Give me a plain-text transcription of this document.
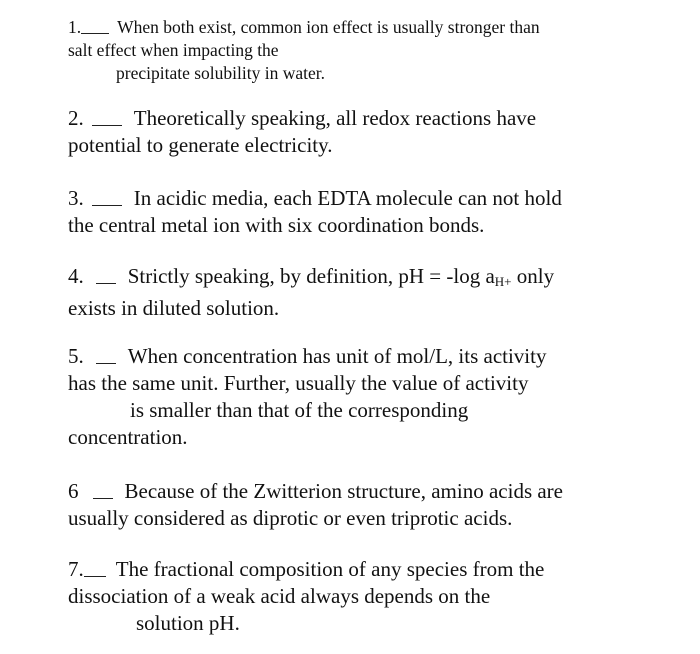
1. When both exist, common ion effect is usually stronger than
salt effect when impacting the
precipitate solubility in water.
2. Theoretically speaking, all redox reactions have
potential to generate electricity.
3. In acidic media, each EDTA molecule can not hold
the central metal ion with six coordination bonds.
4. Strictly speaking, by definition, pH = -log $a_{H+}$ only
exists in diluted solution.
5. When concentration has unit of mol/L, its activity
has the same unit. Further, usually the value of activity
is smaller than that of the corresponding
concentration.
6 Because of the Zwitterion structure, amino acids are
usually considered as diprotic or even triprotic acids.
7. The fractional composition of any species from the
dissociation of a weak acid always depends on the
solution pH.
